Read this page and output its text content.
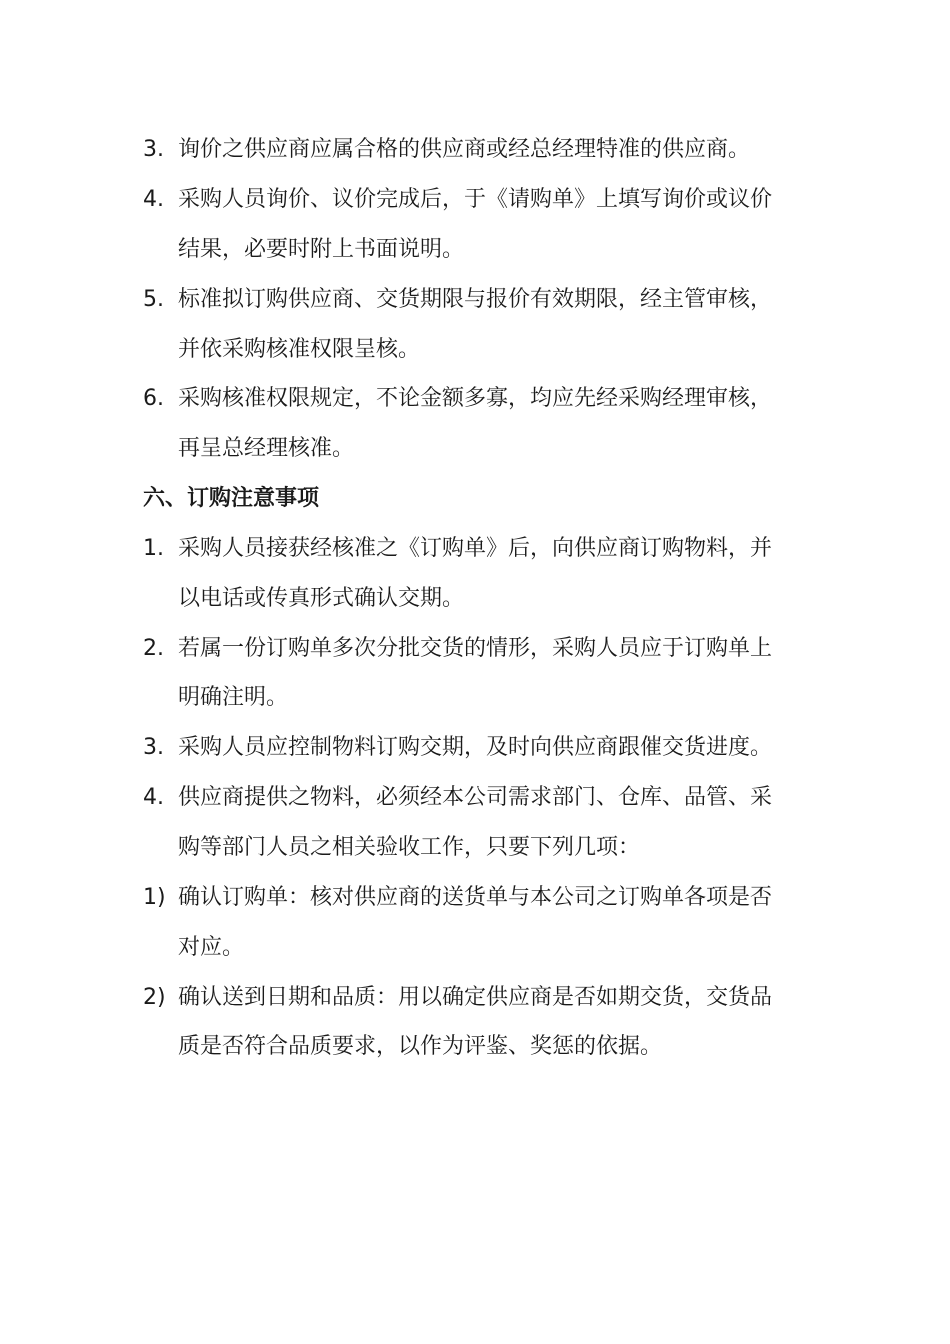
3. 询价之供应商应属合格的供应商或经总经理特准的供应商。
4. 采购人员询价、议价完成后，于《请购单》上填写询价或议价
结果，必要时附上书面说明。
5. 标准拟订购供应商、交货期限与报价有效期限，经主管审核，
并依采购核准权限呈核。
6. 采购核准权限规定，不论金额多寡，均应先经采购经理审核，
再呈总经理核准。
六、订购注意事项
1. 采购人员接获经核准之《订购单》后，向供应商订购物料，并
以电话或传真形式确认交期。
2. 若属一份订购单多次分批交货的情形，采购人员应于订购单上
明确注明。
3. 采购人员应控制物料订购交期，及时向供应商跟催交货进度。
4. 供应商提供之物料，必须经本公司需求部门、仓库、品管、采
购等部门人员之相关验收工作，只要下列几项：
1) 确认订购单：核对供应商的送货单与本公司之订购单各项是否
对应。
2) 确认送到日期和品质：用以确定供应商是否如期交货，交货品
质是否符合品质要求，以作为评鉴、奖惩的依据。
